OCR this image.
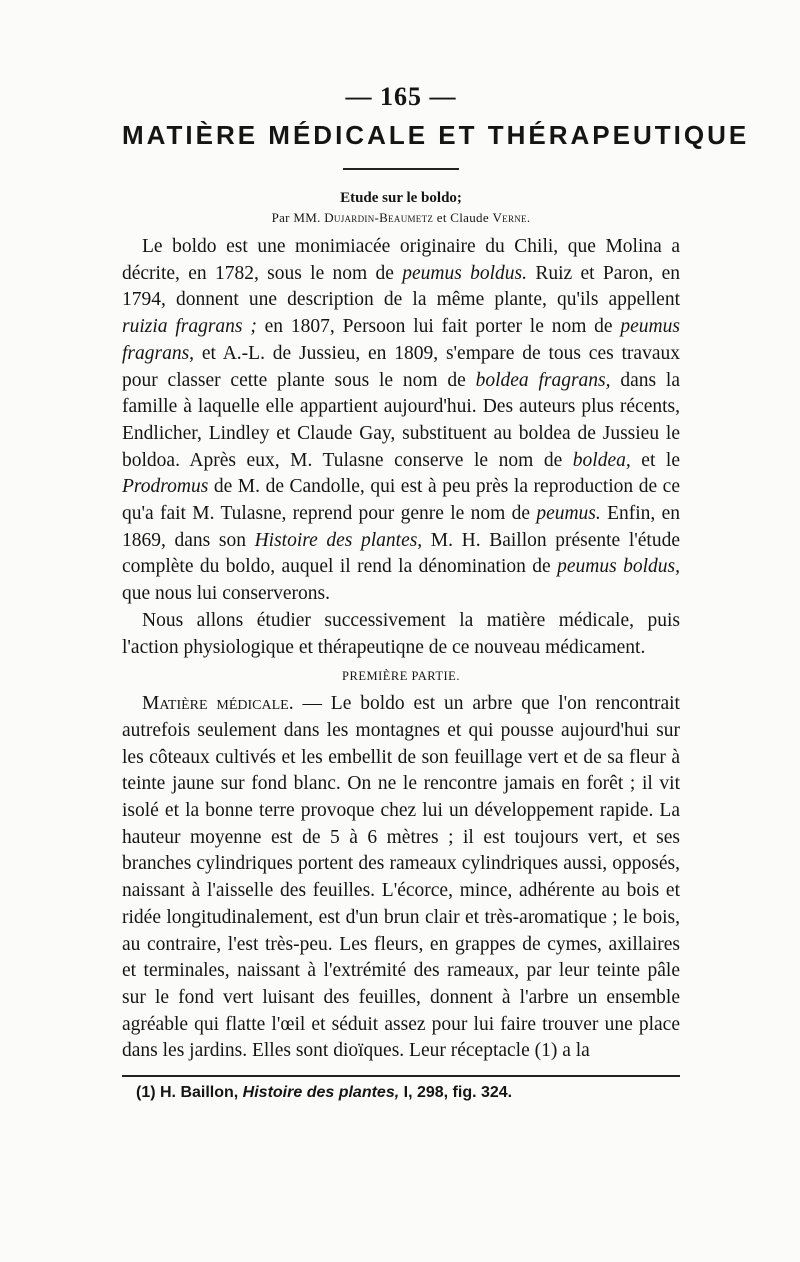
— 165 —
MATIÈRE MÉDICALE ET THÉRAPEUTIQUE
Etude sur le boldo;
Par MM. Dujardin-Beaumetz et Claude Verne.

Le boldo est une monimiacée originaire du Chili, que Molina a décrite, en 1782, sous le nom de peumus boldus. Ruiz et Paron, en 1794, donnent une description de la même plante, qu'ils appellent ruizia fragrans ; en 1807, Persoon lui fait porter le nom de peumus fragrans, et A.-L. de Jussieu, en 1809, s'empare de tous ces travaux pour classer cette plante sous le nom de boldea fragrans, dans la famille à laquelle elle appartient aujourd'hui. Des auteurs plus récents, Endlicher, Lindley et Claude Gay, substituent au boldea de Jussieu le boldoa. Après eux, M. Tulasne conserve le nom de boldea, et le Prodromus de M. de Candolle, qui est à peu près la reproduction de ce qu'a fait M. Tulasne, reprend pour genre le nom de peumus. Enfin, en 1869, dans son Histoire des plantes, M. H. Baillon présente l'étude complète du boldo, auquel il rend la dénomination de peumus boldus, que nous lui conserverons.

Nous allons étudier successivement la matière médicale, puis l'action physiologique et thérapeutiqne de ce nouveau médicament.

PREMIÈRE PARTIE.

Matière médicale. — Le boldo est un arbre que l'on rencontrait autrefois seulement dans les montagnes et qui pousse aujourd'hui sur les côteaux cultivés et les embellit de son feuillage vert et de sa fleur à teinte jaune sur fond blanc. On ne le rencontre jamais en forêt ; il vit isolé et la bonne terre provoque chez lui un développement rapide. La hauteur moyenne est de 5 à 6 mètres ; il est toujours vert, et ses branches cylindriques portent des rameaux cylindriques aussi, opposés, naissant à l'aisselle des feuilles. L'écorce, mince, adhérente au bois et ridée longitudinalement, est d'un brun clair et très-aromatique ; le bois, au contraire, l'est très-peu. Les fleurs, en grappes de cymes, axillaires et terminales, naissant à l'extrémité des rameaux, par leur teinte pâle sur le fond vert luisant des feuilles, donnent à l'arbre un ensemble agréable qui flatte l'œil et séduit assez pour lui faire trouver une place dans les jardins. Elles sont dioïques. Leur réceptacle (1) a la

(1) H. Baillon, Histoire des plantes, I, 298, fig. 324.
